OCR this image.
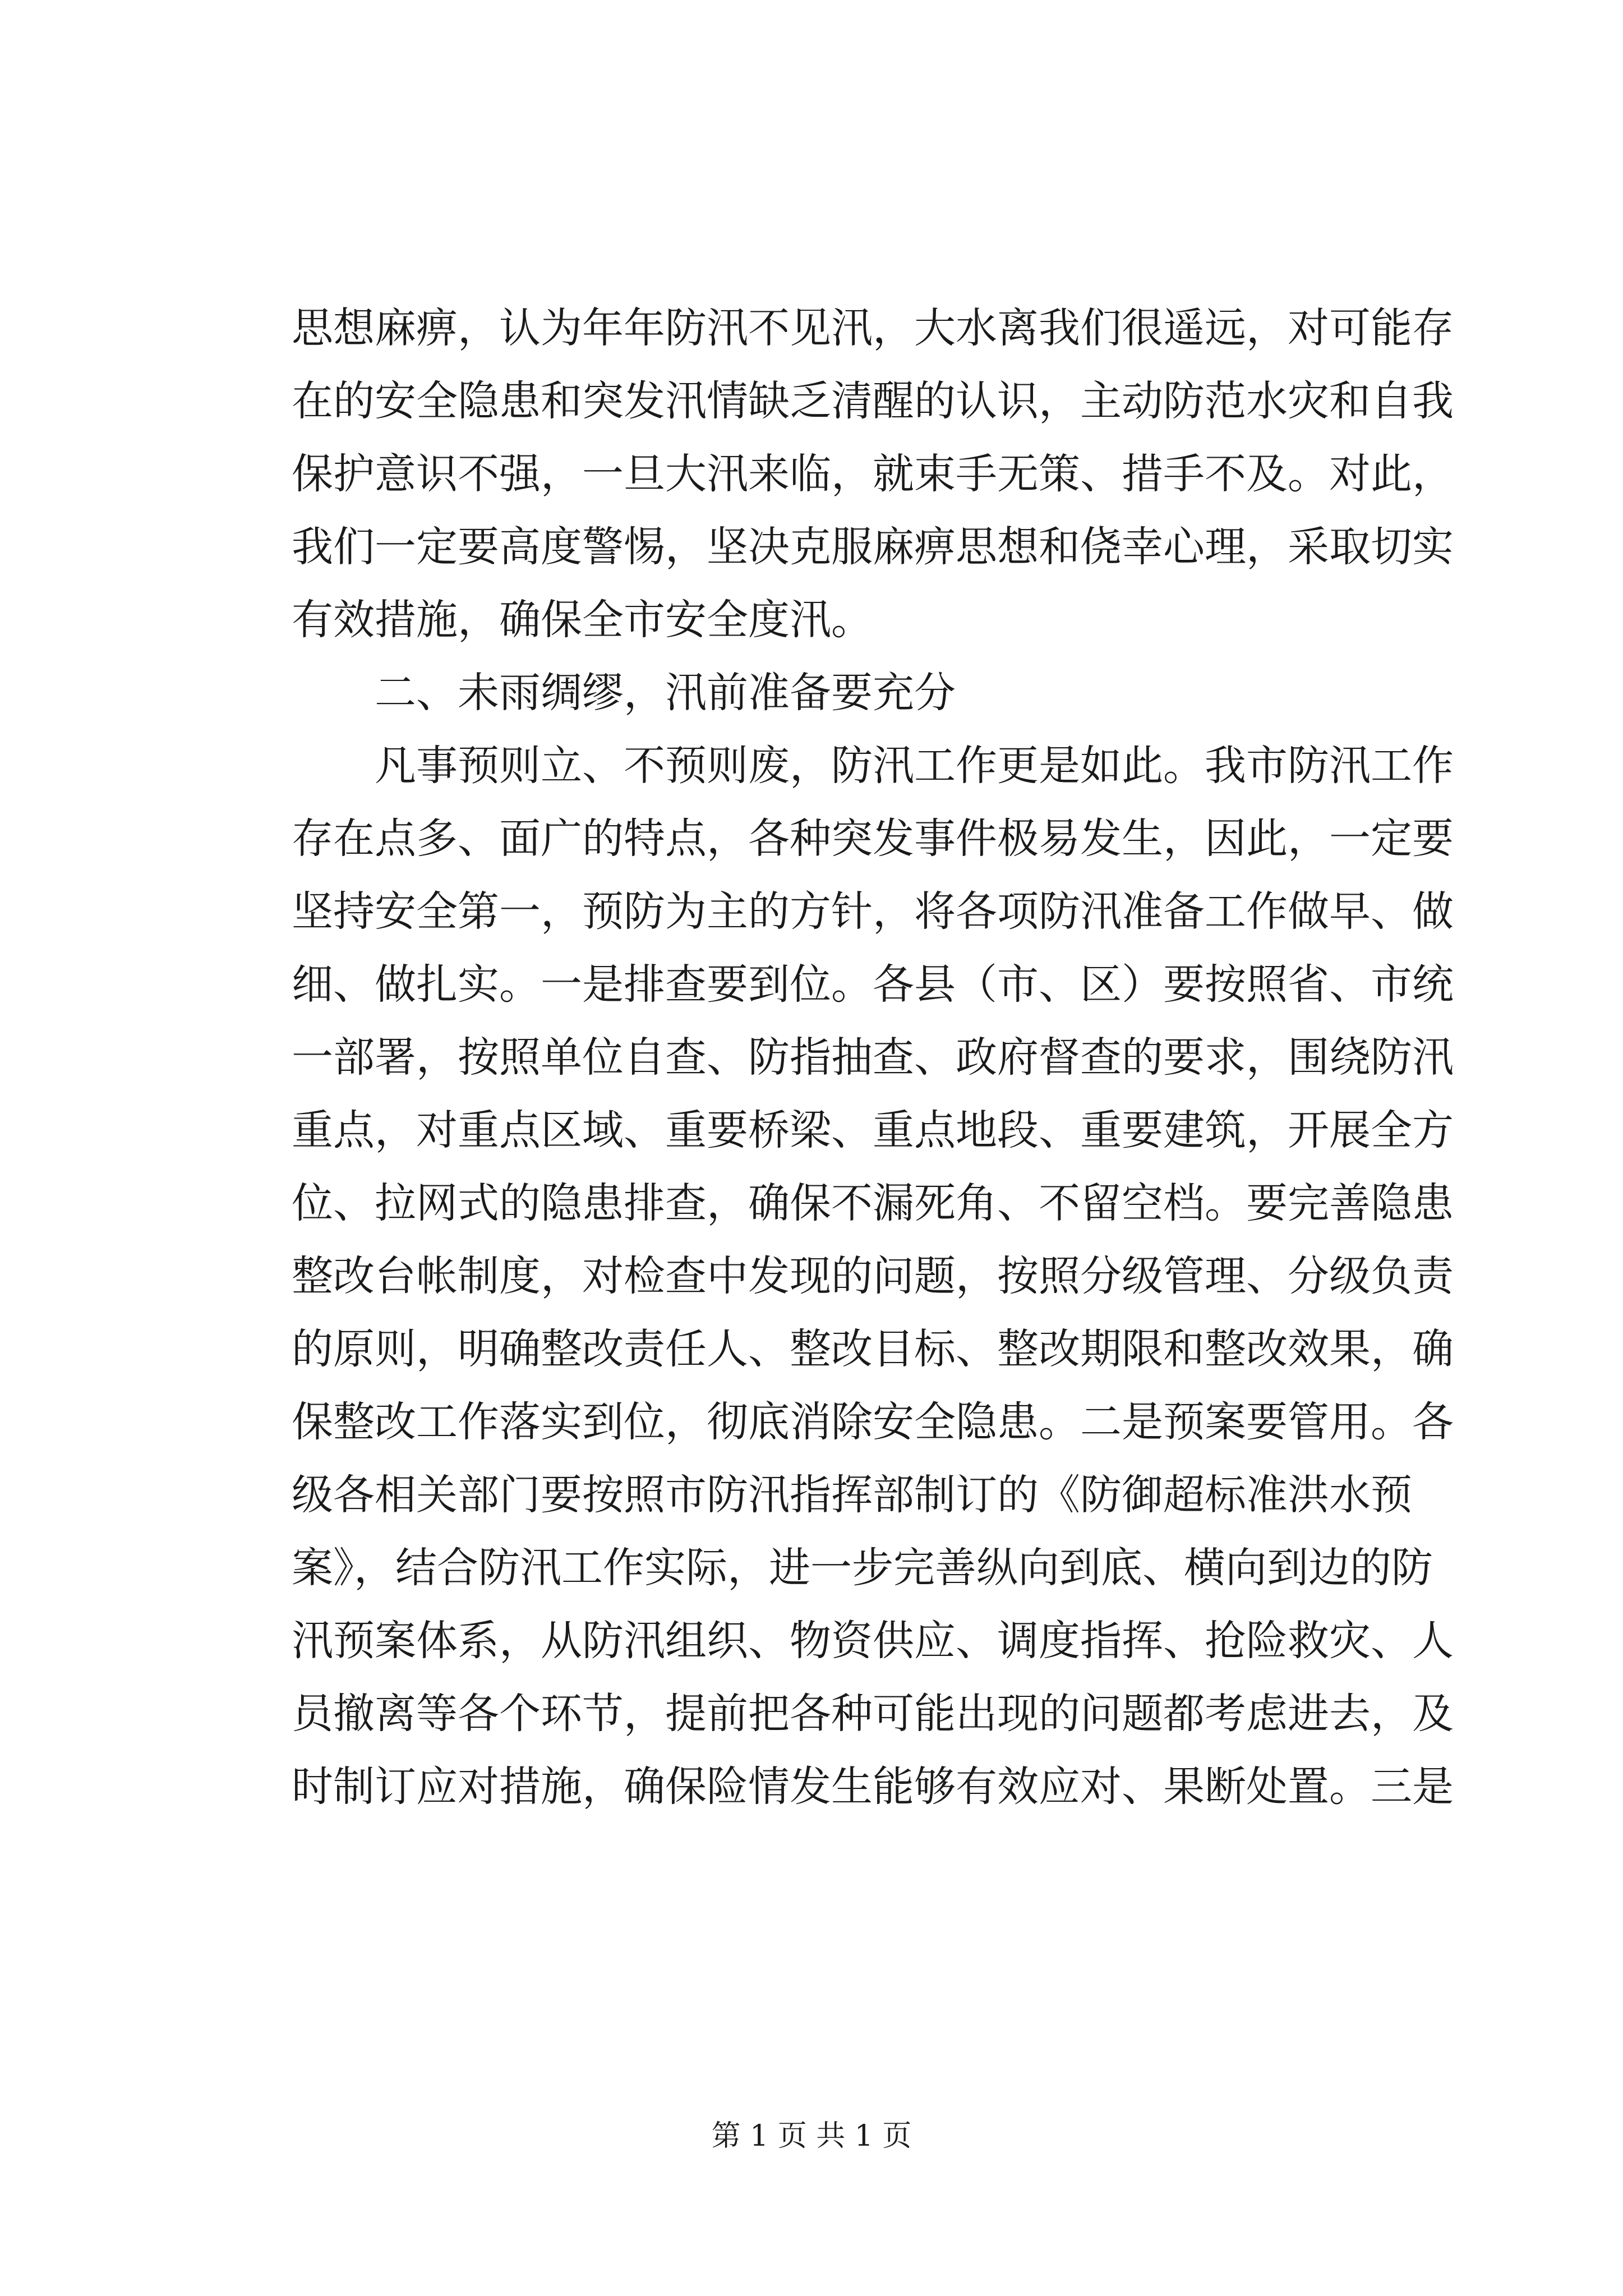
思想麻痹，认为年年防汛不见汛，大水离我们很遥远，对可能存
在的安全隐患和突发汛情缺乏清醒的认识，主动防范水灾和自我
保护意识不强，一旦大汛来临，就束手无策、措手不及。对此，
我们一定要高度警惕，坚决克服麻痹思想和侥幸心理，采取切实
有效措施，确保全市安全度汛。
二、未雨绸缪，汛前准备要充分
凡事预则立、不预则废，防汛工作更是如此。我市防汛工作
存在点多、面广的特点，各种突发事件极易发生，因此，一定要
坚持安全第一，预防为主的方针，将各项防汛准备工作做早、做
细、做扎实。一是排查要到位。各县（市、区）要按照省、市统
一部署，按照单位自查、防指抽查、政府督查的要求，围绕防汛
重点，对重点区域、重要桥梁、重点地段、重要建筑，开展全方
位、拉网式的隐患排查，确保不漏死角、不留空档。要完善隐患
整改台帐制度，对检查中发现的问题，按照分级管理、分级负责
的原则，明确整改责任人、整改目标、整改期限和整改效果，确
保整改工作落实到位，彻底消除安全隐患。二是预案要管用。各
级各相关部门要按照市防汛指挥部制订的《防御超标准洪水预
案》，结合防汛工作实际，进一步完善纵向到底、横向到边的防
汛预案体系，从防汛组织、物资供应、调度指挥、抢险救灾、人
员撤离等各个环节，提前把各种可能出现的问题都考虑进去，及
时制订应对措施，确保险情发生能够有效应对、果断处置。三是
第 1 页 共 1 页
